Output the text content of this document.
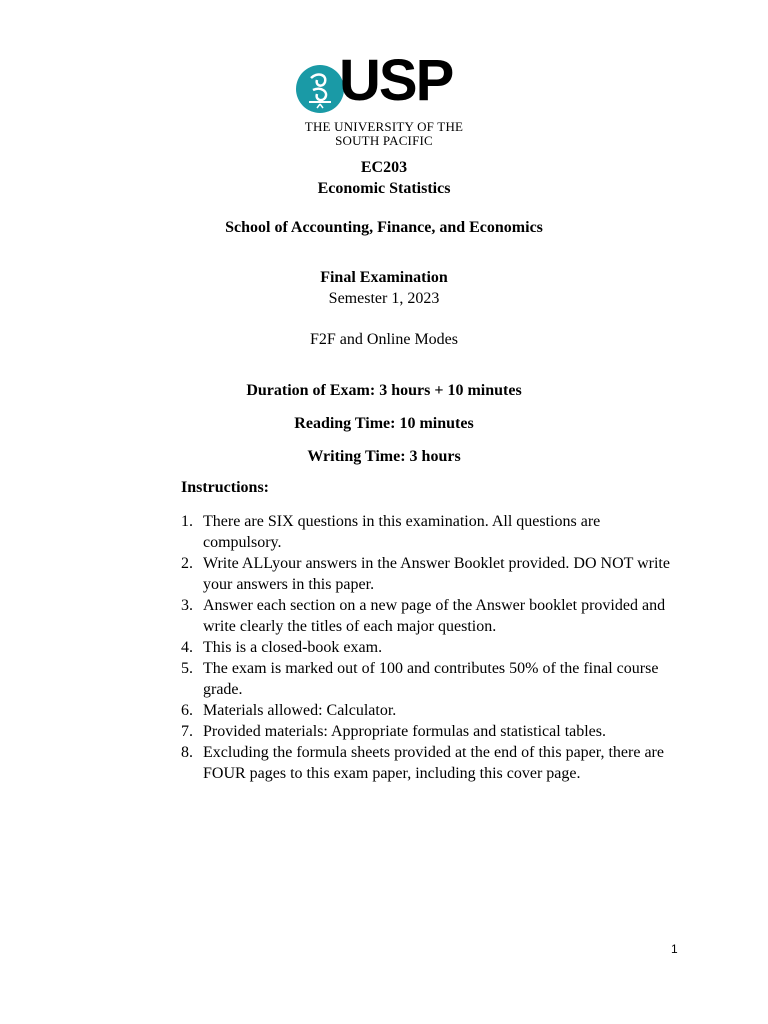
USP
THE UNIVERSITY OF THE
SOUTH PACIFIC
EC203
Economic Statistics
School of Accounting, Finance, and Economics
Final Examination
Semester 1, 2023
F2F and Online Modes
Duration of Exam: 3 hours + 10 minutes
Reading Time: 10 minutes
Writing Time: 3 hours
Instructions:
1. There are SIX questions in this examination. All questions are compulsory.
2. Write ALLyour answers in the Answer Booklet provided. DO NOT write your answers in this paper.
3. Answer each section on a new page of the Answer booklet provided and write clearly the titles of each major question.
4. This is a closed-book exam.
5. The exam is marked out of 100 and contributes 50% of the final course grade.
6. Materials allowed: Calculator.
7. Provided materials: Appropriate formulas and statistical tables.
8. Excluding the formula sheets provided at the end of this paper, there are FOUR pages to this exam paper, including this cover page.
1
